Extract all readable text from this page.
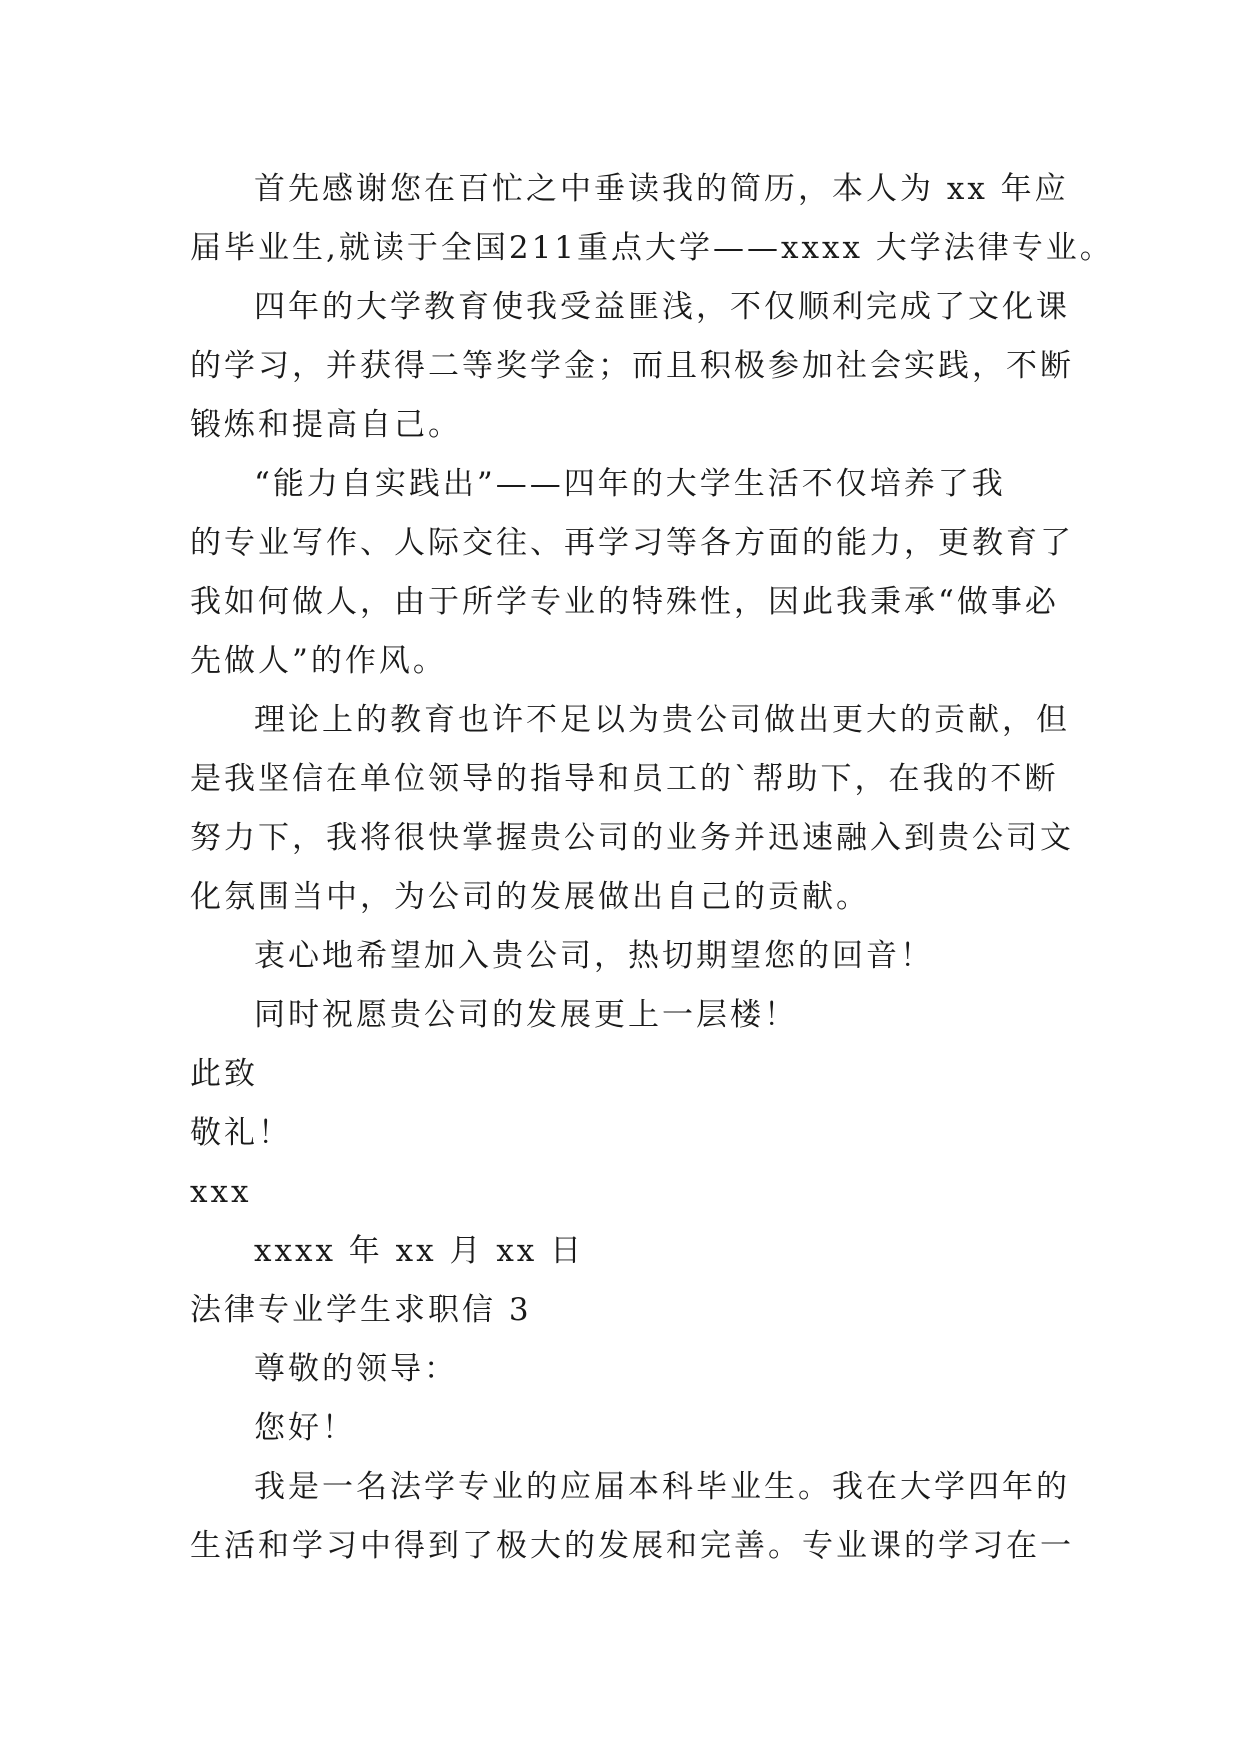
首先感谢您在百忙之中垂读我的简历，本人为 xx 年应
届毕业生,就读于全国211重点大学——xxxx 大学法律专业。
四年的大学教育使我受益匪浅，不仅顺利完成了文化课
的学习，并获得二等奖学金；而且积极参加社会实践，不断
锻炼和提高自己。
“能力自实践出”——四年的大学生活不仅培养了我
的专业写作、人际交往、再学习等各方面的能力，更教育了
我如何做人，由于所学专业的特殊性，因此我秉承“做事必
先做人”的作风。
理论上的教育也许不足以为贵公司做出更大的贡献，但
是我坚信在单位领导的指导和员工的`帮助下，在我的不断
努力下，我将很快掌握贵公司的业务并迅速融入到贵公司文
化氛围当中，为公司的发展做出自己的贡献。
衷心地希望加入贵公司，热切期望您的回音！
同时祝愿贵公司的发展更上一层楼！
此致
敬礼！
xxx
xxxx 年 xx 月 xx 日
法律专业学生求职信 3
尊敬的领导：
您好！
我是一名法学专业的应届本科毕业生。我在大学四年的
生活和学习中得到了极大的发展和完善。专业课的学习在一
